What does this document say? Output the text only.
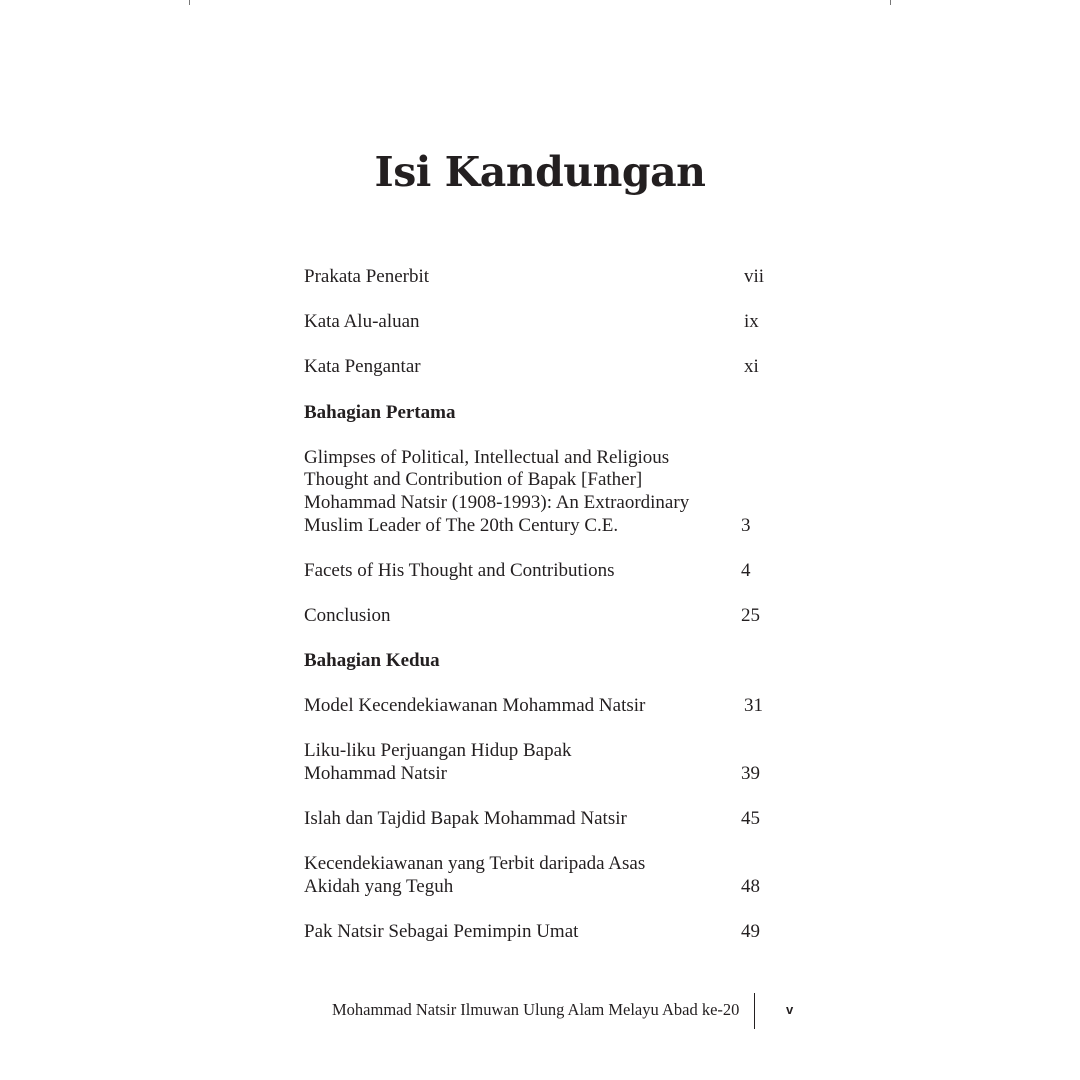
Isi Kandungan
Prakata Penerbit	vii
Kata Alu-aluan	ix
Kata Pengantar	xi
Bahagian Pertama
Glimpses of Political, Intellectual and Religious
Thought and Contribution of Bapak [Father]
Mohammad Natsir (1908-1993): An Extraordinary
Muslim Leader of The 20th Century C.E.	3
Facets of His Thought and Contributions	4
Conclusion	25
Bahagian Kedua
Model Kecendekiawanan Mohammad Natsir	31
Liku-liku Perjuangan Hidup Bapak
Mohammad Natsir	39
Islah dan Tajdid Bapak Mohammad Natsir	45
Kecendekiawanan yang Terbit daripada Asas
Akidah yang Teguh	48
Pak Natsir Sebagai Pemimpin Umat	49
Mohammad Natsir Ilmuwan Ulung Alam Melayu Abad ke-20	v
